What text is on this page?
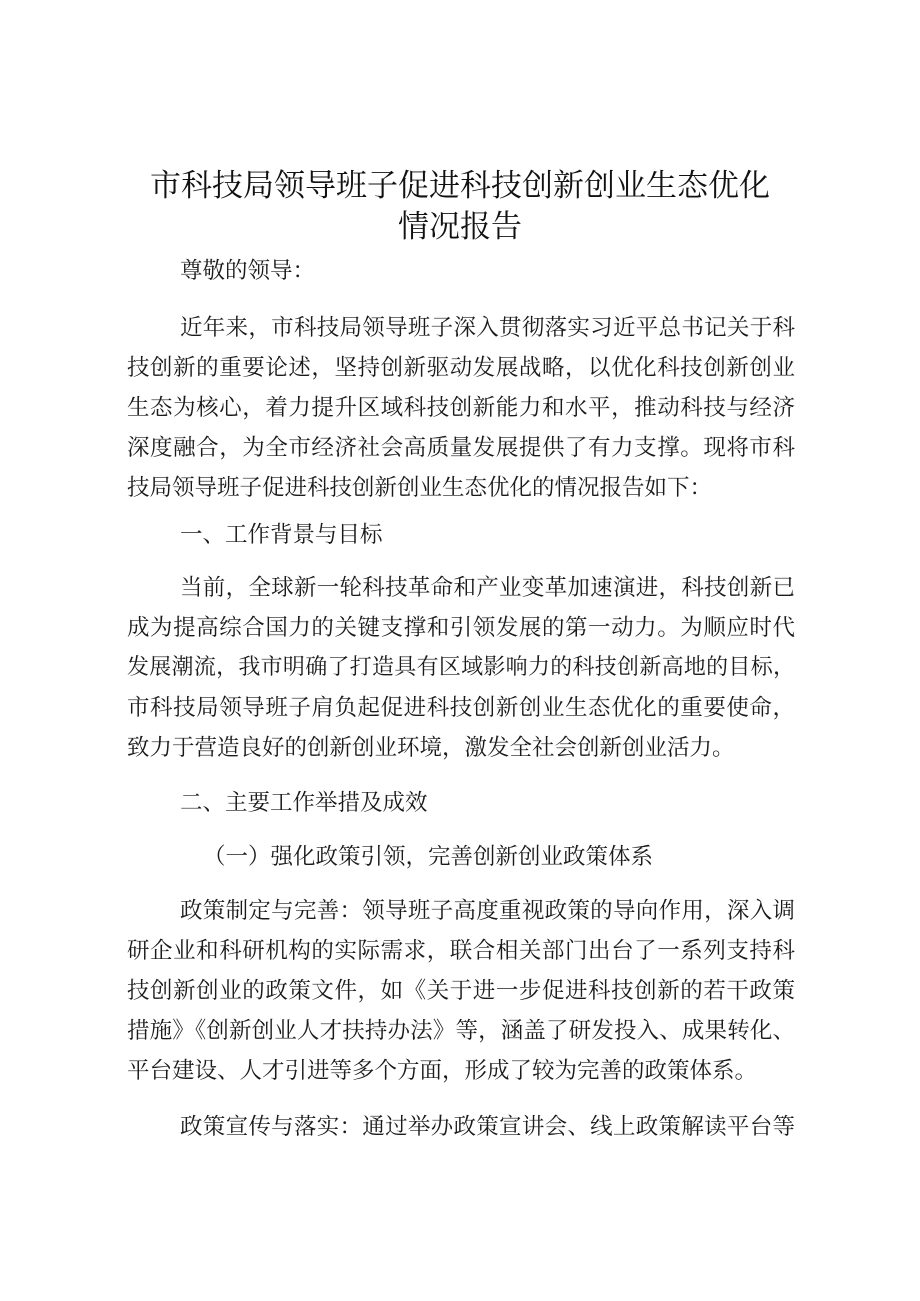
市科技局领导班子促进科技创新创业生态优化
情况报告

尊敬的领导：

近年来，市科技局领导班子深入贯彻落实习近平总书记关于科

技创新的重要论述，坚持创新驱动发展战略，以优化科技创新创业

生态为核心，着力提升区域科技创新能力和水平，推动科技与经济

深度融合，为全市经济社会高质量发展提供了有力支撑。现将市科

技局领导班子促进科技创新创业生态优化的情况报告如下：

一、工作背景与目标

当前，全球新一轮科技革命和产业变革加速演进，科技创新已

成为提高综合国力的关键支撑和引领发展的第一动力。为顺应时代

发展潮流，我市明确了打造具有区域影响力的科技创新高地的目标，

市科技局领导班子肩负起促进科技创新创业生态优化的重要使命，

致力于营造良好的创新创业环境，激发全社会创新创业活力。

二、主要工作举措及成效

（一）强化政策引领，完善创新创业政策体系

政策制定与完善：领导班子高度重视政策的导向作用，深入调

研企业和科研机构的实际需求，联合相关部门出台了一系列支持科

技创新创业的政策文件，如《关于进一步促进科技创新的若干政策

措施》《创新创业人才扶持办法》等，涵盖了研发投入、成果转化、

平台建设、人才引进等多个方面，形成了较为完善的政策体系。

政策宣传与落实：通过举办政策宣讲会、线上政策解读平台等
